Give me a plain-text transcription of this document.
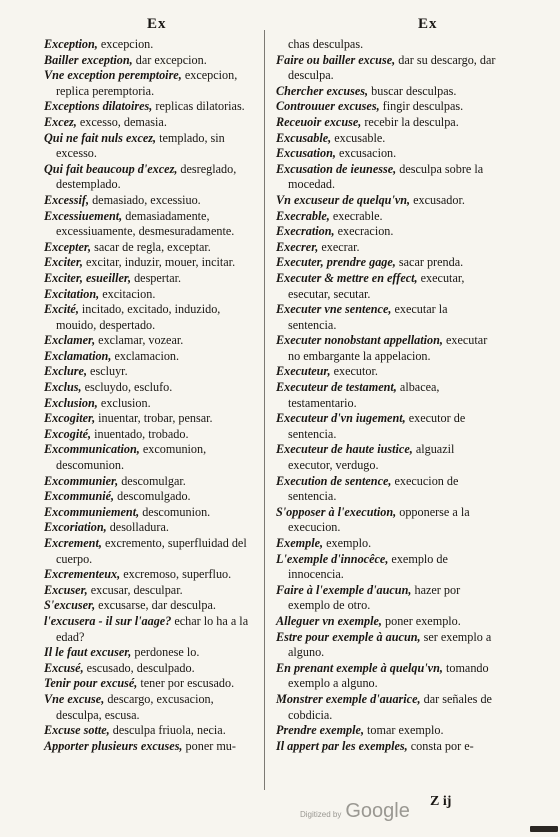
Ex	Ex

Exception, excepcion.

Bailler exception, dar excepcion.

Vne exception peremptoire, excepcion, replica peremptoria.

Exceptions dilatoires, replicas dilatorias.

Excez, excesso, demasia.

Qui ne fait nuls excez, templado, sin excesso.

Qui fait beaucoup d'excez, desreglado, destemplado.

Excessif, demasiado, excessiuo.

Excessiuement, demasiadamente, excessiuamente, desmesuradamente.

Excepter, sacar de regla, exceptar.

Exciter, excitar, induzir, mouer, incitar.

Exciter, esueiller, despertar.

Excitation, excitacion.

Excité, incitado, excitado, induzido, mouido, despertado.

Exclamer, exclamar, vozear.

Exclamation, exclamacion.

Exclure, escluyr.

Exclus, escluydo, esclufo.

Exclusion, exclusion.

Excogiter, inuentar, trobar, pensar.

Excogité, inuentado, trobado.

Excommunication, excomunion, descomunion.

Excommunier, descomulgar.

Excommunié, descomulgado.

Excommuniement, descomunion.

Excoriation, desolladura.

Excrement, excremento, superfluidad del cuerpo.

Excrementeux, excremoso, superfluo.

Excuser, excusar, desculpar.

S'excuser, excusarse, dar desculpa.

l'excusera - il sur l'aage? echar lo ha a la edad?

Il le faut excuser, perdonese lo.

Excusé, escusado, desculpado.

Tenir pour excusé, tener por escusado.

Vne excuse, descargo, excusacion, desculpa, escusa.

Excuse sotte, desculpa friuola, necia.

Apporter plusieurs excuses, poner mu-

chas desculpas.

Faire ou bailler excuse, dar su descargo, dar desculpa.

Chercher excuses, buscar desculpas.

Controuuer excuses, fingir desculpas.

Receuoir excuse, recebir la desculpa.

Excusable, excusable.

Excusation, excusacion.

Excusation de ieunesse, desculpa sobre la mocedad.

Vn excuseur de quelqu'vn, excusador.

Execrable, execrable.

Execration, execracion.

Execrer, execrar.

Executer, prendre gage, sacar prenda.

Executer & mettre en effect, executar, esecutar, secutar.

Executer vne sentence, executar la sentencia.

Executer nonobstant appellation, executar no embargante la appelacion.

Executeur, executor.

Executeur de testament, albacea, testamentario.

Executeur d'vn iugement, executor de sentencia.

Executeur de haute iustice, alguazil executor, verdugo.

Execution de sentence, execucion de sentencia.

S'opposer à l'execution, opponerse a la execucion.

Exemple, exemplo.

L'exemple d'innocêce, exemplo de innocencia.

Faire à l'exemple d'aucun, hazer por exemplo de otro.

Alleguer vn exemple, poner exemplo.

Estre pour exemple à aucun, ser exemplo a alguno.

En prenant exemple à quelqu'vn, tomando exemplo a alguno.

Monstrer exemple d'auarice, dar señales de cobdicia.

Prendre exemple, tomar exemplo.

Il appert par les exemples, consta por e-

Z ij
Digitized by Google
